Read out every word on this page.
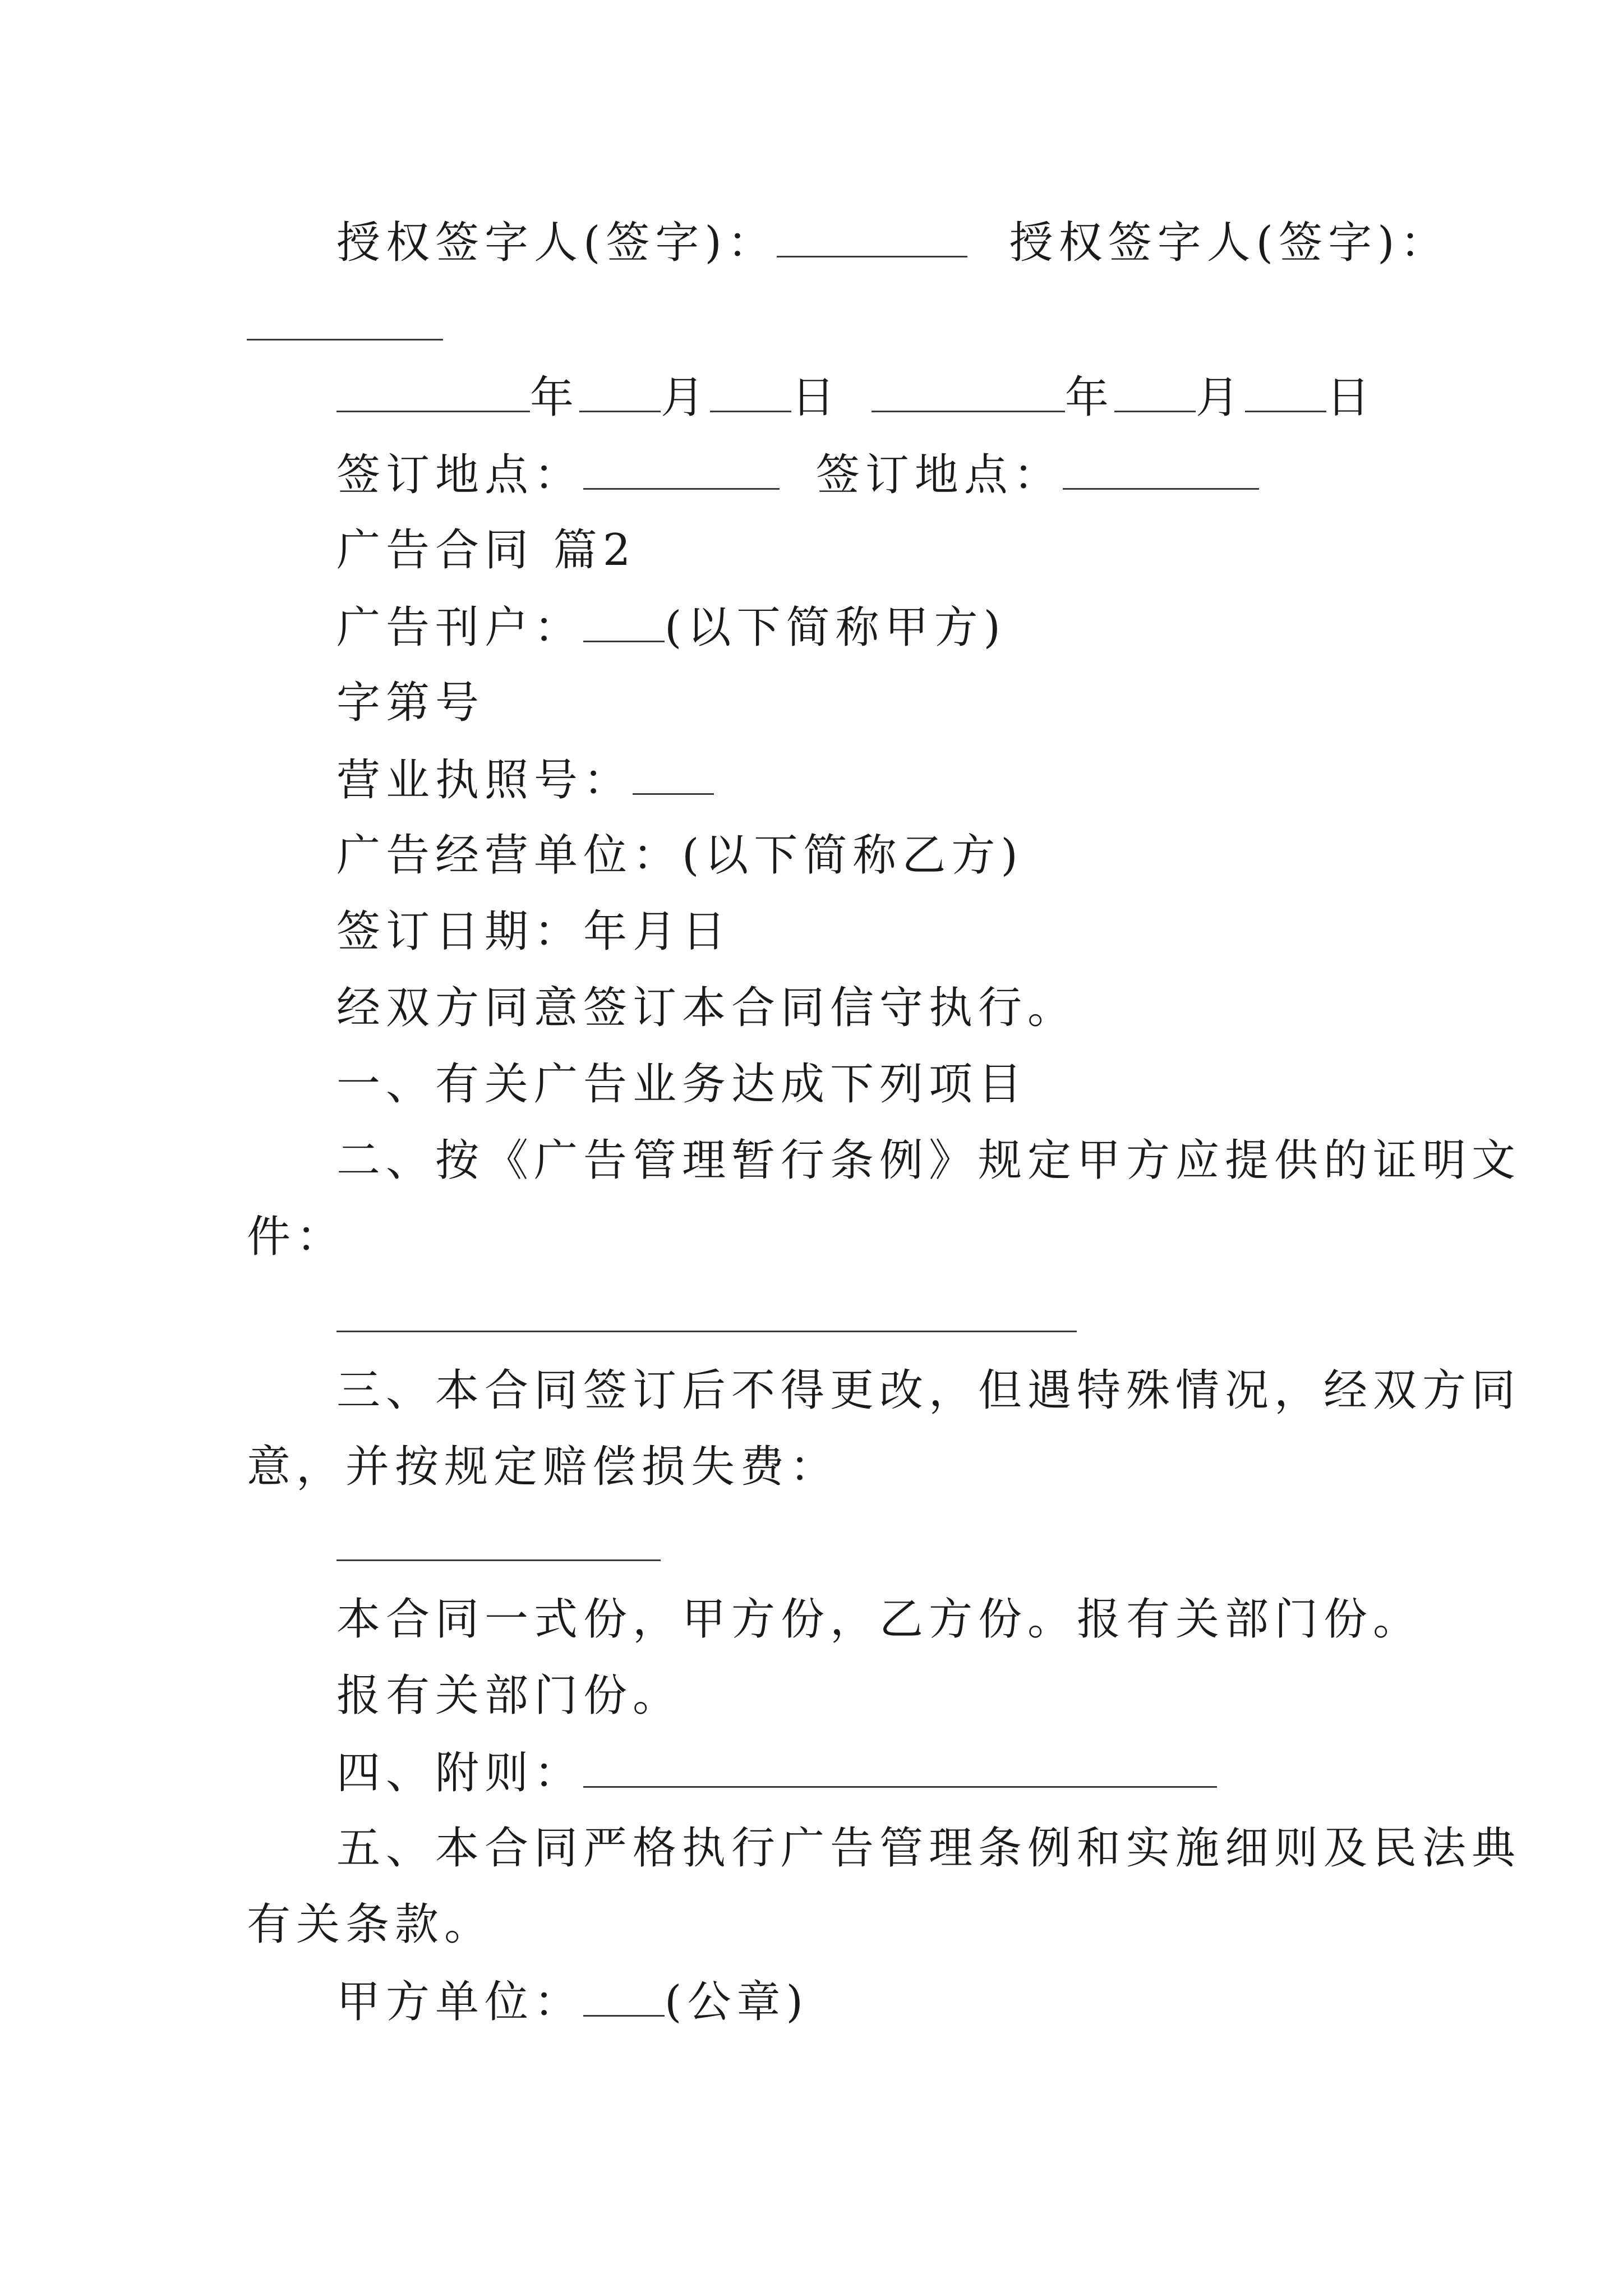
授权签字人(签字)：	授权签字人(签字)：
年 月 日	年 月 日
签订地点：	签订地点：
广告合同 篇2
广告刊户： (以下简称甲方)
字第号
营业执照号：
广告经营单位：(以下简称乙方)
签订日期：年月日
经双方同意签订本合同信守执行。
一、有关广告业务达成下列项目
二、按《广告管理暂行条例》规定甲方应提供的证明文
件：
三、本合同签订后不得更改，但遇特殊情况，经双方同
意，并按规定赔偿损失费：
本合同一式份，甲方份，乙方份。报有关部门份。
报有关部门份。
四、附则：
五、本合同严格执行广告管理条例和实施细则及民法典
有关条款。
甲方单位： (公章)
